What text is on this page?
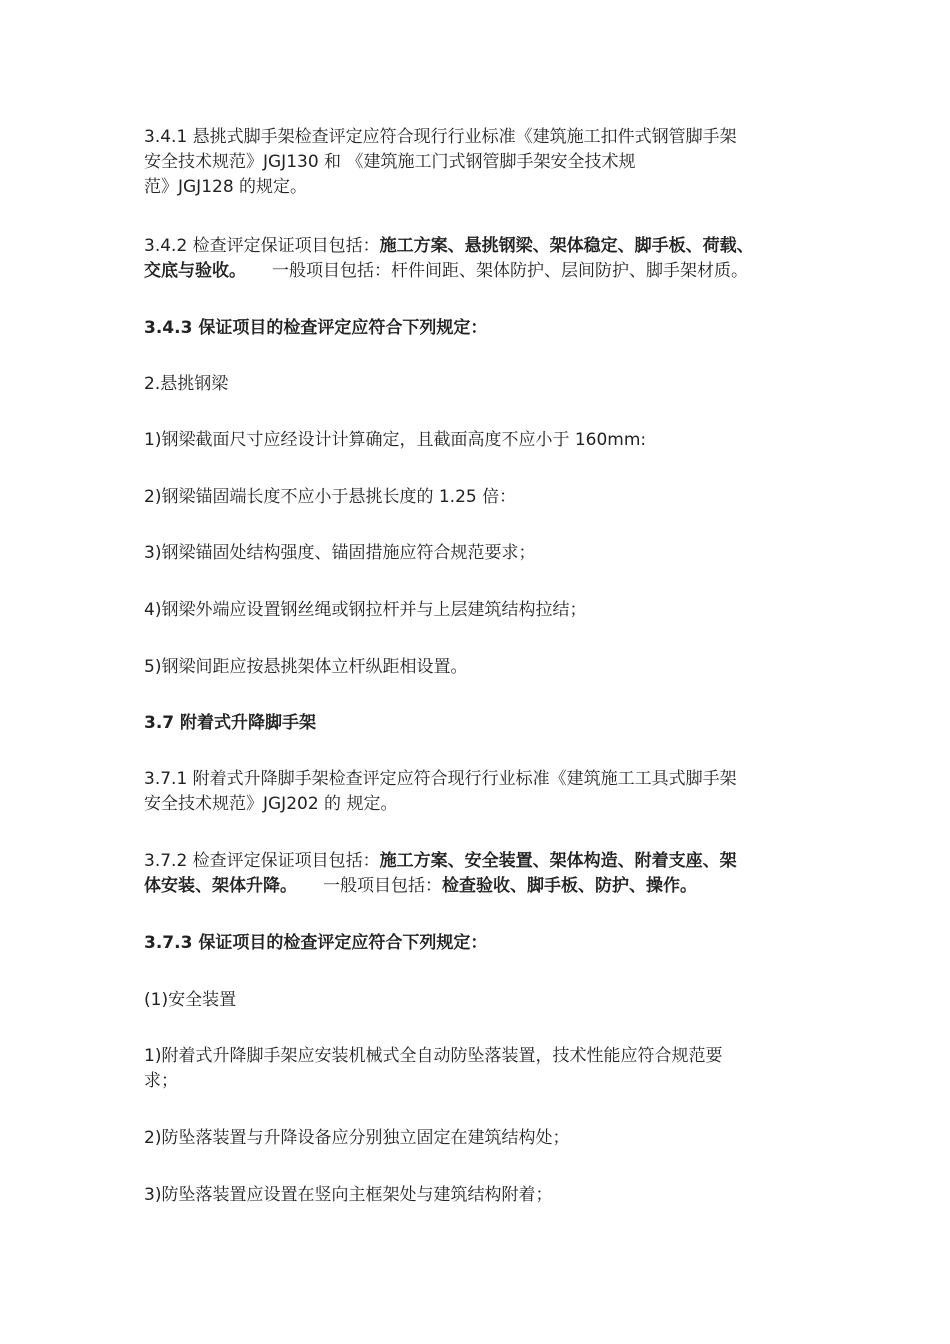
3.4.1 悬挑式脚手架检查评定应符合现行行业标准《建筑施工扣件式钢管脚手架
安全技术规范》JGJ130 和 《建筑施工门式钢管脚手架安全技术规
范》JGJ128 的规定。

3.4.2 检查评定保证项目包括：施工方案、悬挑钢梁、架体稳定、脚手板、荷载、
交底与验收。 一般项目包括：杆件间距、架体防护、层间防护、脚手架材质。

3.4.3 保证项目的检查评定应符合下列规定：

2.悬挑钢梁

1)钢梁截面尺寸应经设计计算确定，且截面高度不应小于 160mm:

2)钢梁锚固端长度不应小于悬挑长度的 1.25 倍：

3)钢梁锚固处结构强度、锚固措施应符合规范要求；

4)钢梁外端应设置钢丝绳或钢拉杆并与上层建筑结构拉结；

5)钢梁间距应按悬挑架体立杆纵距相设置。

3.7 附着式升降脚手架

3.7.1 附着式升降脚手架检查评定应符合现行行业标准《建筑施工工具式脚手架
安全技术规范》JGJ202 的 规定。

3.7.2 检查评定保证项目包括：施工方案、安全装置、架体构造、附着支座、架
体安装、架体升降。 一般项目包括：检查验收、脚手板、防护、操作。

3.7.3 保证项目的检查评定应符合下列规定：

(1)安全装置

1)附着式升降脚手架应安装机械式全自动防坠落装置，技术性能应符合规范要
求；

2)防坠落装置与升降设备应分别独立固定在建筑结构处；

3)防坠落装置应设置在竖向主框架处与建筑结构附着；
